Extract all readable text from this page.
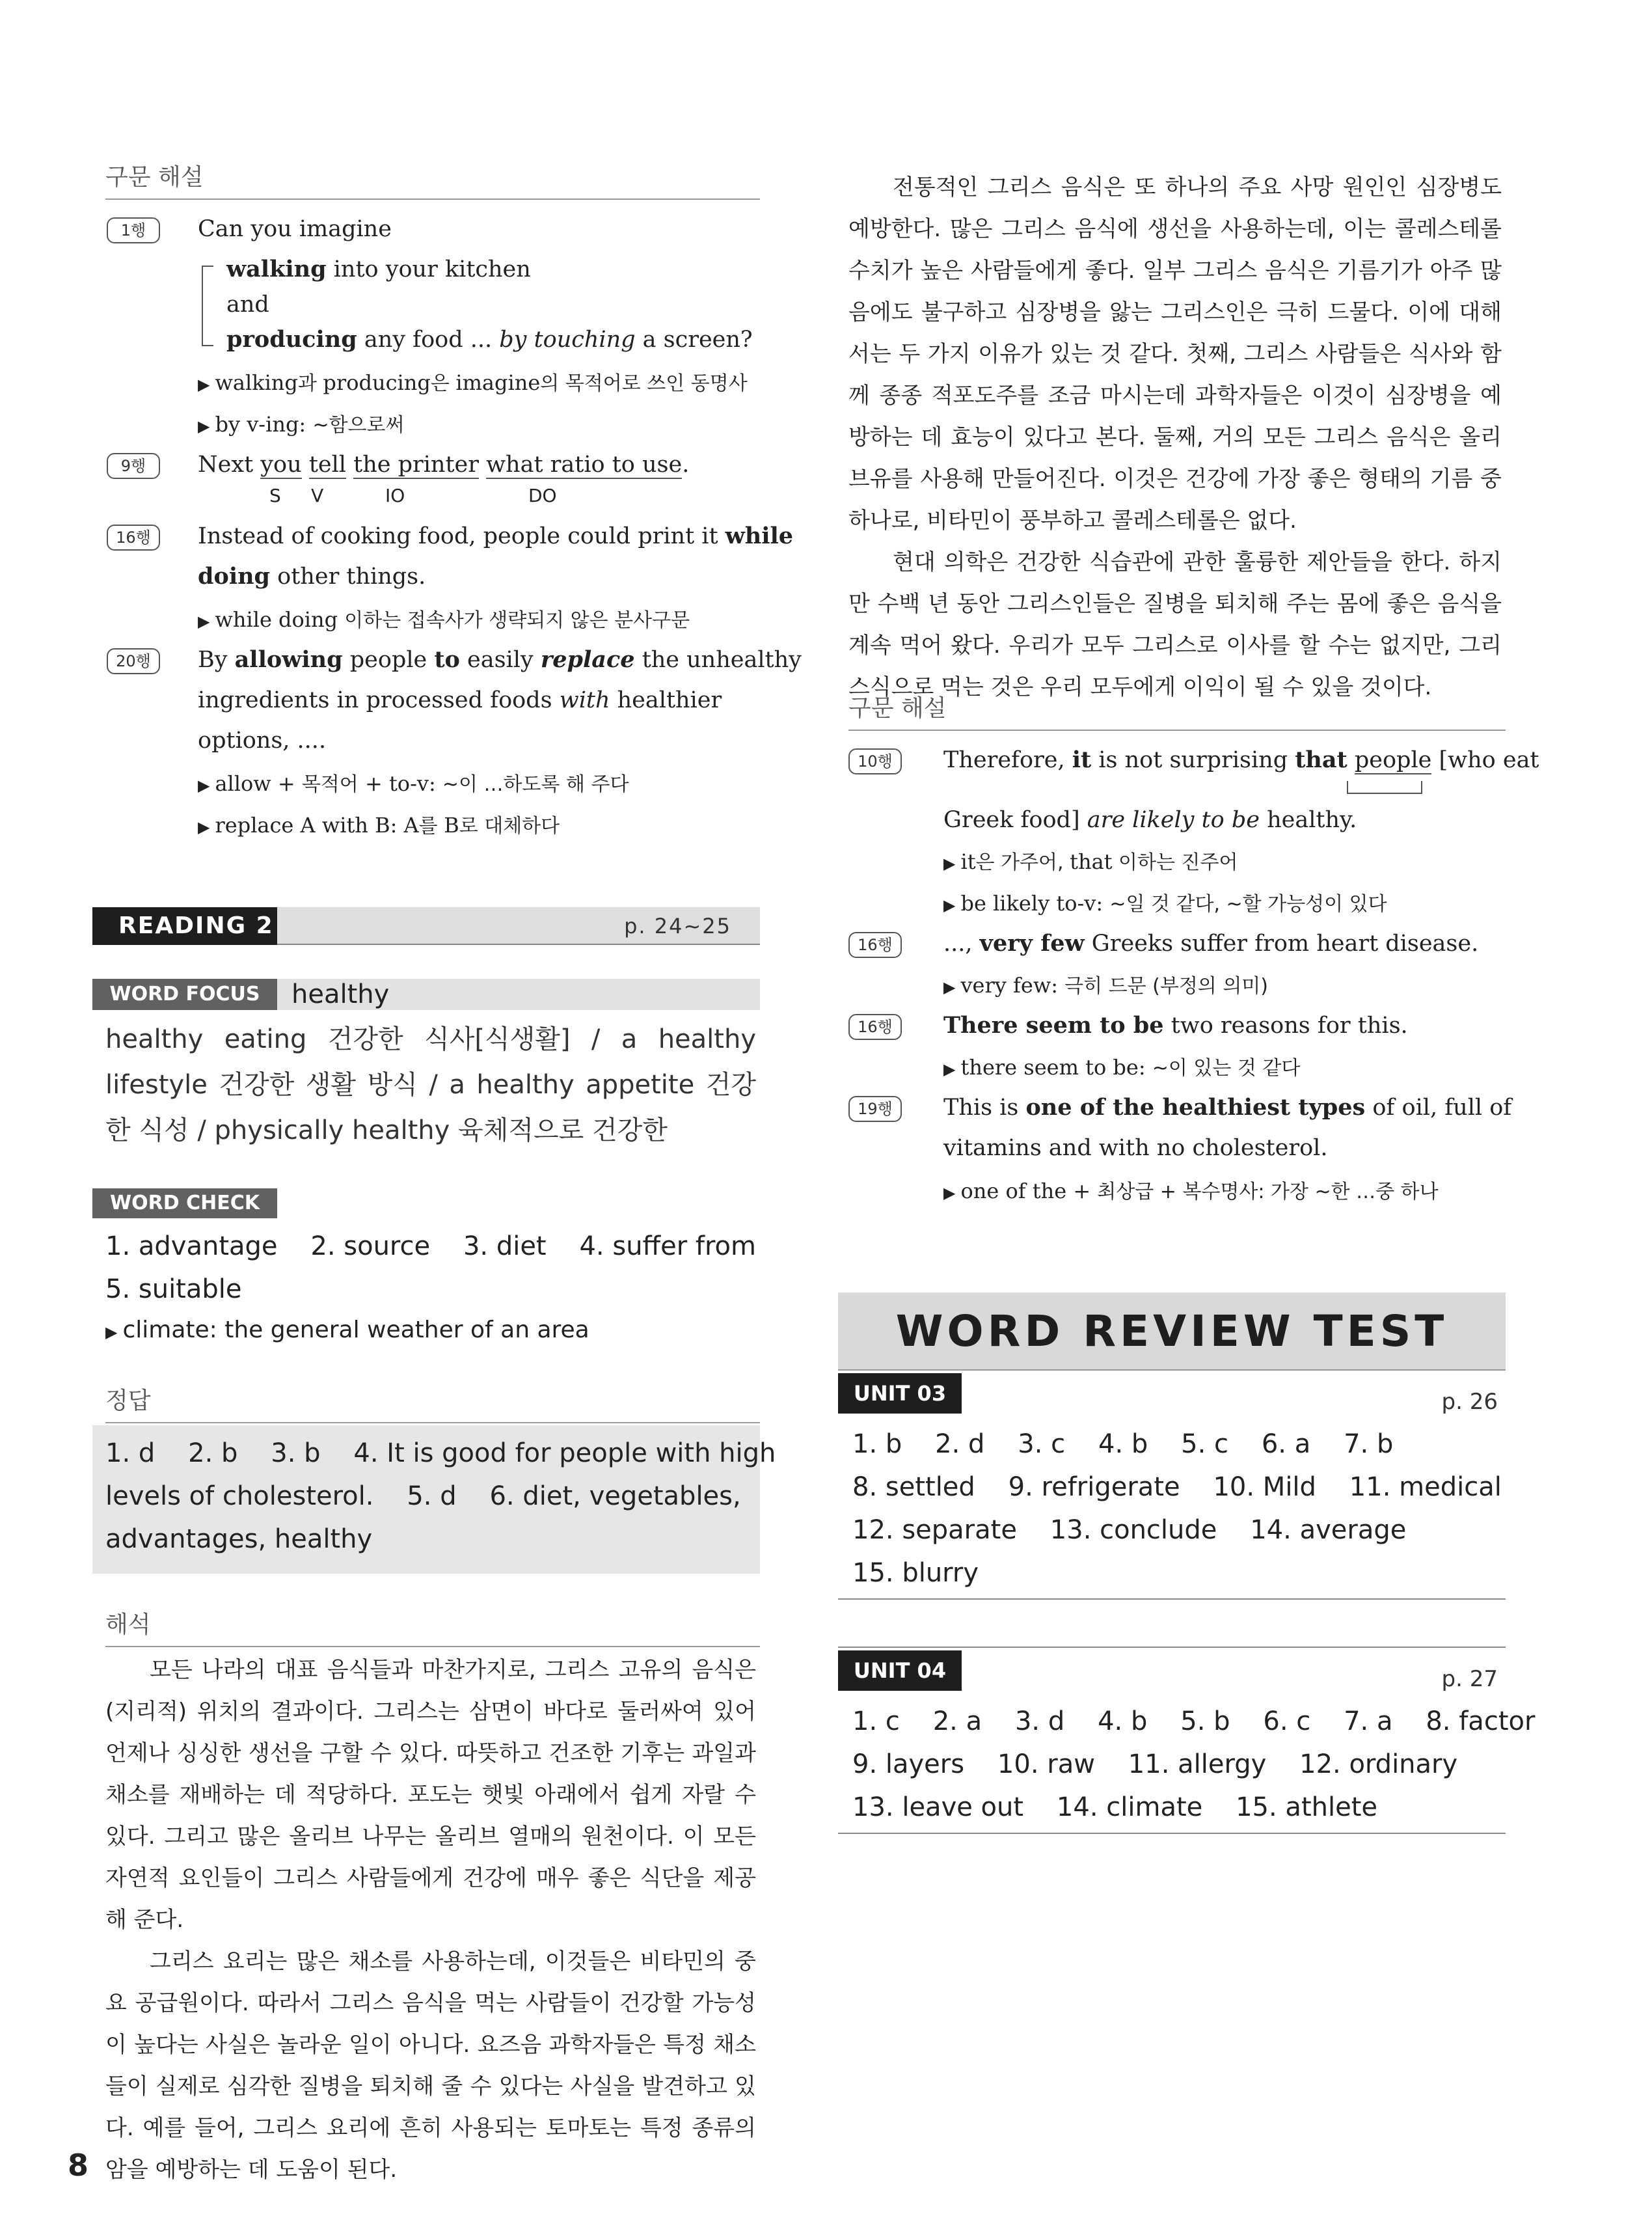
구문 해설
1행	Can you imagine
walking into your kitchen
and
producing any food ... by touching a screen?
▶ walking과 producing은 imagine의 목적어로 쓰인 동명사
▶ by v-ing: ~함으로써
9행	Next you tell the printer what ratio to use.
S V	IO	DO
16행	Instead of cooking food, people could print it while
doing other things.
▶ while doing 이하는 접속사가 생략되지 않은 분사구문
20행	By allowing people to easily replace the unhealthy
ingredients in processed foods with healthier
options, ....
▶ allow + 목적어 + to-v: ~이 …하도록 해 주다
▶ replace A with B: A를 B로 대체하다
READING 2	p. 24~25
WORD FOCUS	healthy
healthy eating 건강한 식사[식생활] / a healthy lifestyle 건강한 생활 방식 / a healthy appetite 건강한 식성 / physically healthy 육체적으로 건강한
WORD CHECK
1. advantage    2. source    3. diet    4. suffer from
5. suitable
▶ climate: the general weather of an area
정답
1. d    2. b    3. b    4. It is good for people with high
levels of cholesterol.    5. d    6. diet, vegetables,
advantages, healthy
해석

모든 나라의 대표 음식들과 마찬가지로, 그리스 고유의 음식은 (지리적) 위치의 결과이다. 그리스는 삼면이 바다로 둘러싸여 있어 언제나 싱싱한 생선을 구할 수 있다. 따뜻하고 건조한 기후는 과일과 채소를 재배하는 데 적당하다. 포도는 햇빛 아래에서 쉽게 자랄 수 있다. 그리고 많은 올리브 나무는 올리브 열매의 원천이다. 이 모든 자연적 요인들이 그리스 사람들에게 건강에 매우 좋은 식단을 제공해 준다.

그리스 요리는 많은 채소를 사용하는데, 이것들은 비타민의 중요 공급원이다. 따라서 그리스 음식을 먹는 사람들이 건강할 가능성이 높다는 사실은 놀라운 일이 아니다. 요즈음 과학자들은 특정 채소들이 실제로 심각한 질병을 퇴치해 줄 수 있다는 사실을 발견하고 있다. 예를 들어, 그리스 요리에 흔히 사용되는 토마토는 특정 종류의 암을 예방하는 데 도움이 된다.

8

전통적인 그리스 음식은 또 하나의 주요 사망 원인인 심장병도 예방한다. 많은 그리스 음식에 생선을 사용하는데, 이는 콜레스테롤 수치가 높은 사람들에게 좋다. 일부 그리스 음식은 기름기가 아주 많음에도 불구하고 심장병을 앓는 그리스인은 극히 드물다. 이에 대해서는 두 가지 이유가 있는 것 같다. 첫째, 그리스 사람들은 식사와 함께 종종 적포도주를 조금 마시는데 과학자들은 이것이 심장병을 예방하는 데 효능이 있다고 본다. 둘째, 거의 모든 그리스 음식은 올리브유를 사용해 만들어진다. 이것은 건강에 가장 좋은 형태의 기름 중 하나로, 비타민이 풍부하고 콜레스테롤은 없다.

현대 의학은 건강한 식습관에 관한 훌륭한 제안들을 한다. 하지만 수백 년 동안 그리스인들은 질병을 퇴치해 주는 몸에 좋은 음식을 계속 먹어 왔다. 우리가 모두 그리스로 이사를 할 수는 없지만, 그리스식으로 먹는 것은 우리 모두에게 이익이 될 수 있을 것이다.

구문 해설
10행	Therefore, it is not surprising that people [who eat
Greek food] are likely to be healthy.
▶ it은 가주어, that 이하는 진주어
▶ be likely to-v: ~일 것 같다, ~할 가능성이 있다
16행	..., very few Greeks suffer from heart disease.
▶ very few: 극히 드문 (부정의 의미)
16행	There seem to be two reasons for this.
▶ there seem to be: ~이 있는 것 같다
19행	This is one of the healthiest types of oil, full of
vitamins and with no cholesterol.
▶ one of the + 최상급 + 복수명사: 가장 ~한 …중 하나
WORD REVIEW TEST
UNIT 03	p. 26
1. b    2. d    3. c    4. b    5. c    6. a    7. b
8. settled    9. refrigerate    10. Mild    11. medical
12. separate    13. conclude    14. average
15. blurry
UNIT 04	p. 27
1. c    2. a    3. d    4. b    5. b    6. c    7. a    8. factor
9. layers    10. raw    11. allergy    12. ordinary
13. leave out    14. climate    15. athlete
